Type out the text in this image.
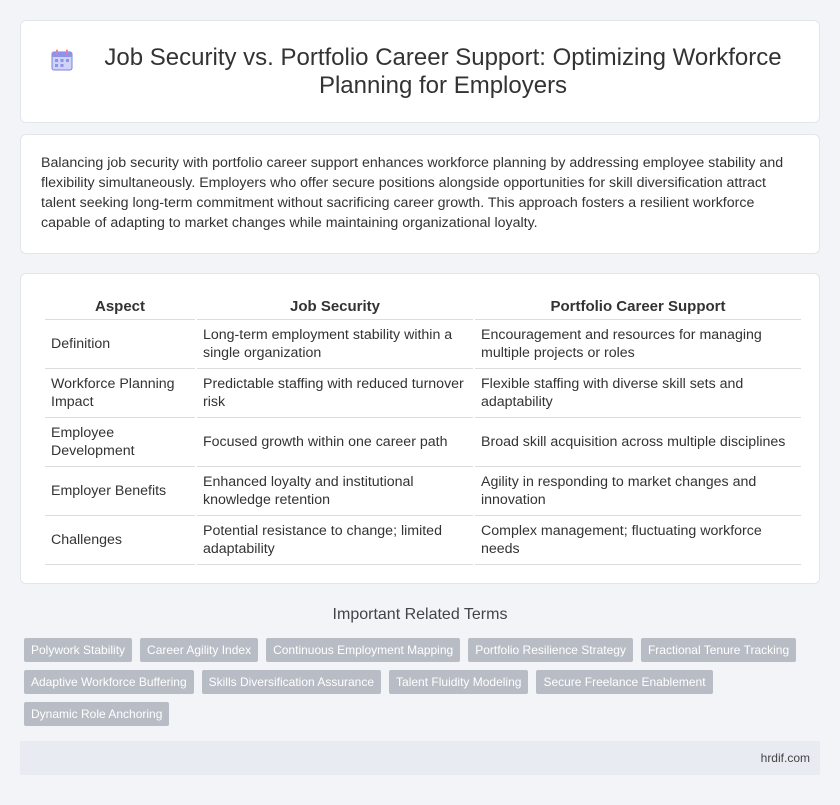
Job Security vs. Portfolio Career Support: Optimizing Workforce Planning for Employers

Balancing job security with portfolio career support enhances workforce planning by addressing employee stability and flexibility simultaneously. Employers who offer secure positions alongside opportunities for skill diversification attract talent seeking long-term commitment without sacrificing career growth. This approach fosters a resilient workforce capable of adapting to market changes while maintaining organizational loyalty.

Aspect	Job Security	Portfolio Career Support
Definition	Long-term employment stability within a single organization	Encouragement and resources for managing multiple projects or roles
Workforce Planning Impact	Predictable staffing with reduced turnover risk	Flexible staffing with diverse skill sets and adaptability
Employee Development	Focused growth within one career path	Broad skill acquisition across multiple disciplines
Employer Benefits	Enhanced loyalty and institutional knowledge retention	Agility in responding to market changes and innovation
Challenges	Potential resistance to change; limited adaptability	Complex management; fluctuating workforce needs
Important Related Terms
Polywork Stability	Career Agility Index	Continuous Employment Mapping	Portfolio Resilience Strategy	Fractional Tenure Tracking
Adaptive Workforce Buffering	Skills Diversification Assurance	Talent Fluidity Modeling	Secure Freelance Enablement
Dynamic Role Anchoring
hrdif.com
